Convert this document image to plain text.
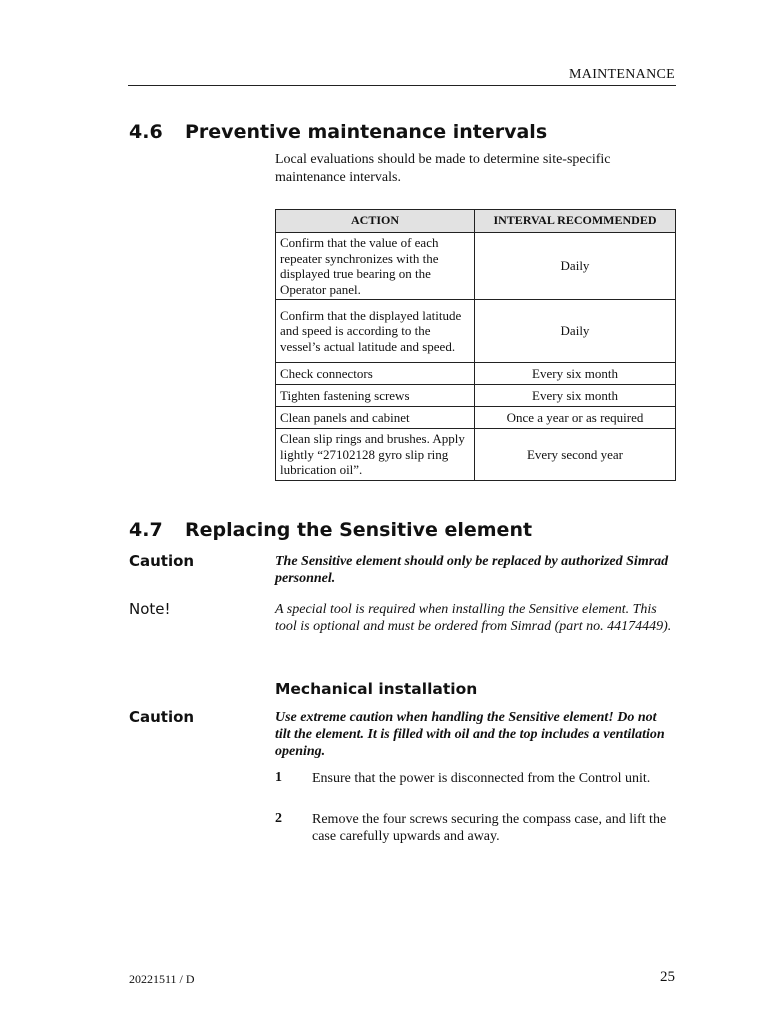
MAINTENANCE
4.6 Preventive maintenance intervals
Local evaluations should be made to determine site-specific maintenance intervals.
ACTION	INTERVAL RECOMMENDED
Confirm that the value of each repeater synchronizes with the displayed true bearing on the Operator panel.	Daily
Confirm that the displayed latitude and speed is according to the vessel’s actual latitude and speed.	Daily
Check connectors	Every six month
Tighten fastening screws	Every six month
Clean panels and cabinet	Once a year or as required
Clean slip rings and brushes. Apply lightly “27102128 gyro slip ring lubrication oil”.	Every second year
4.7 Replacing the Sensitive element
Caution	The Sensitive element should only be replaced by authorized Simrad personnel.
Note!	A special tool is required when installing the Sensitive element. This tool is optional and must be ordered from Simrad (part no. 44174449).
Mechanical installation
Caution	Use extreme caution when handling the Sensitive element! Do not tilt the element. It is filled with oil and the top includes a ventilation opening.
1 Ensure that the power is disconnected from the Control unit.
2 Remove the four screws securing the compass case, and lift the case carefully upwards and away.
20221511 / D	25
